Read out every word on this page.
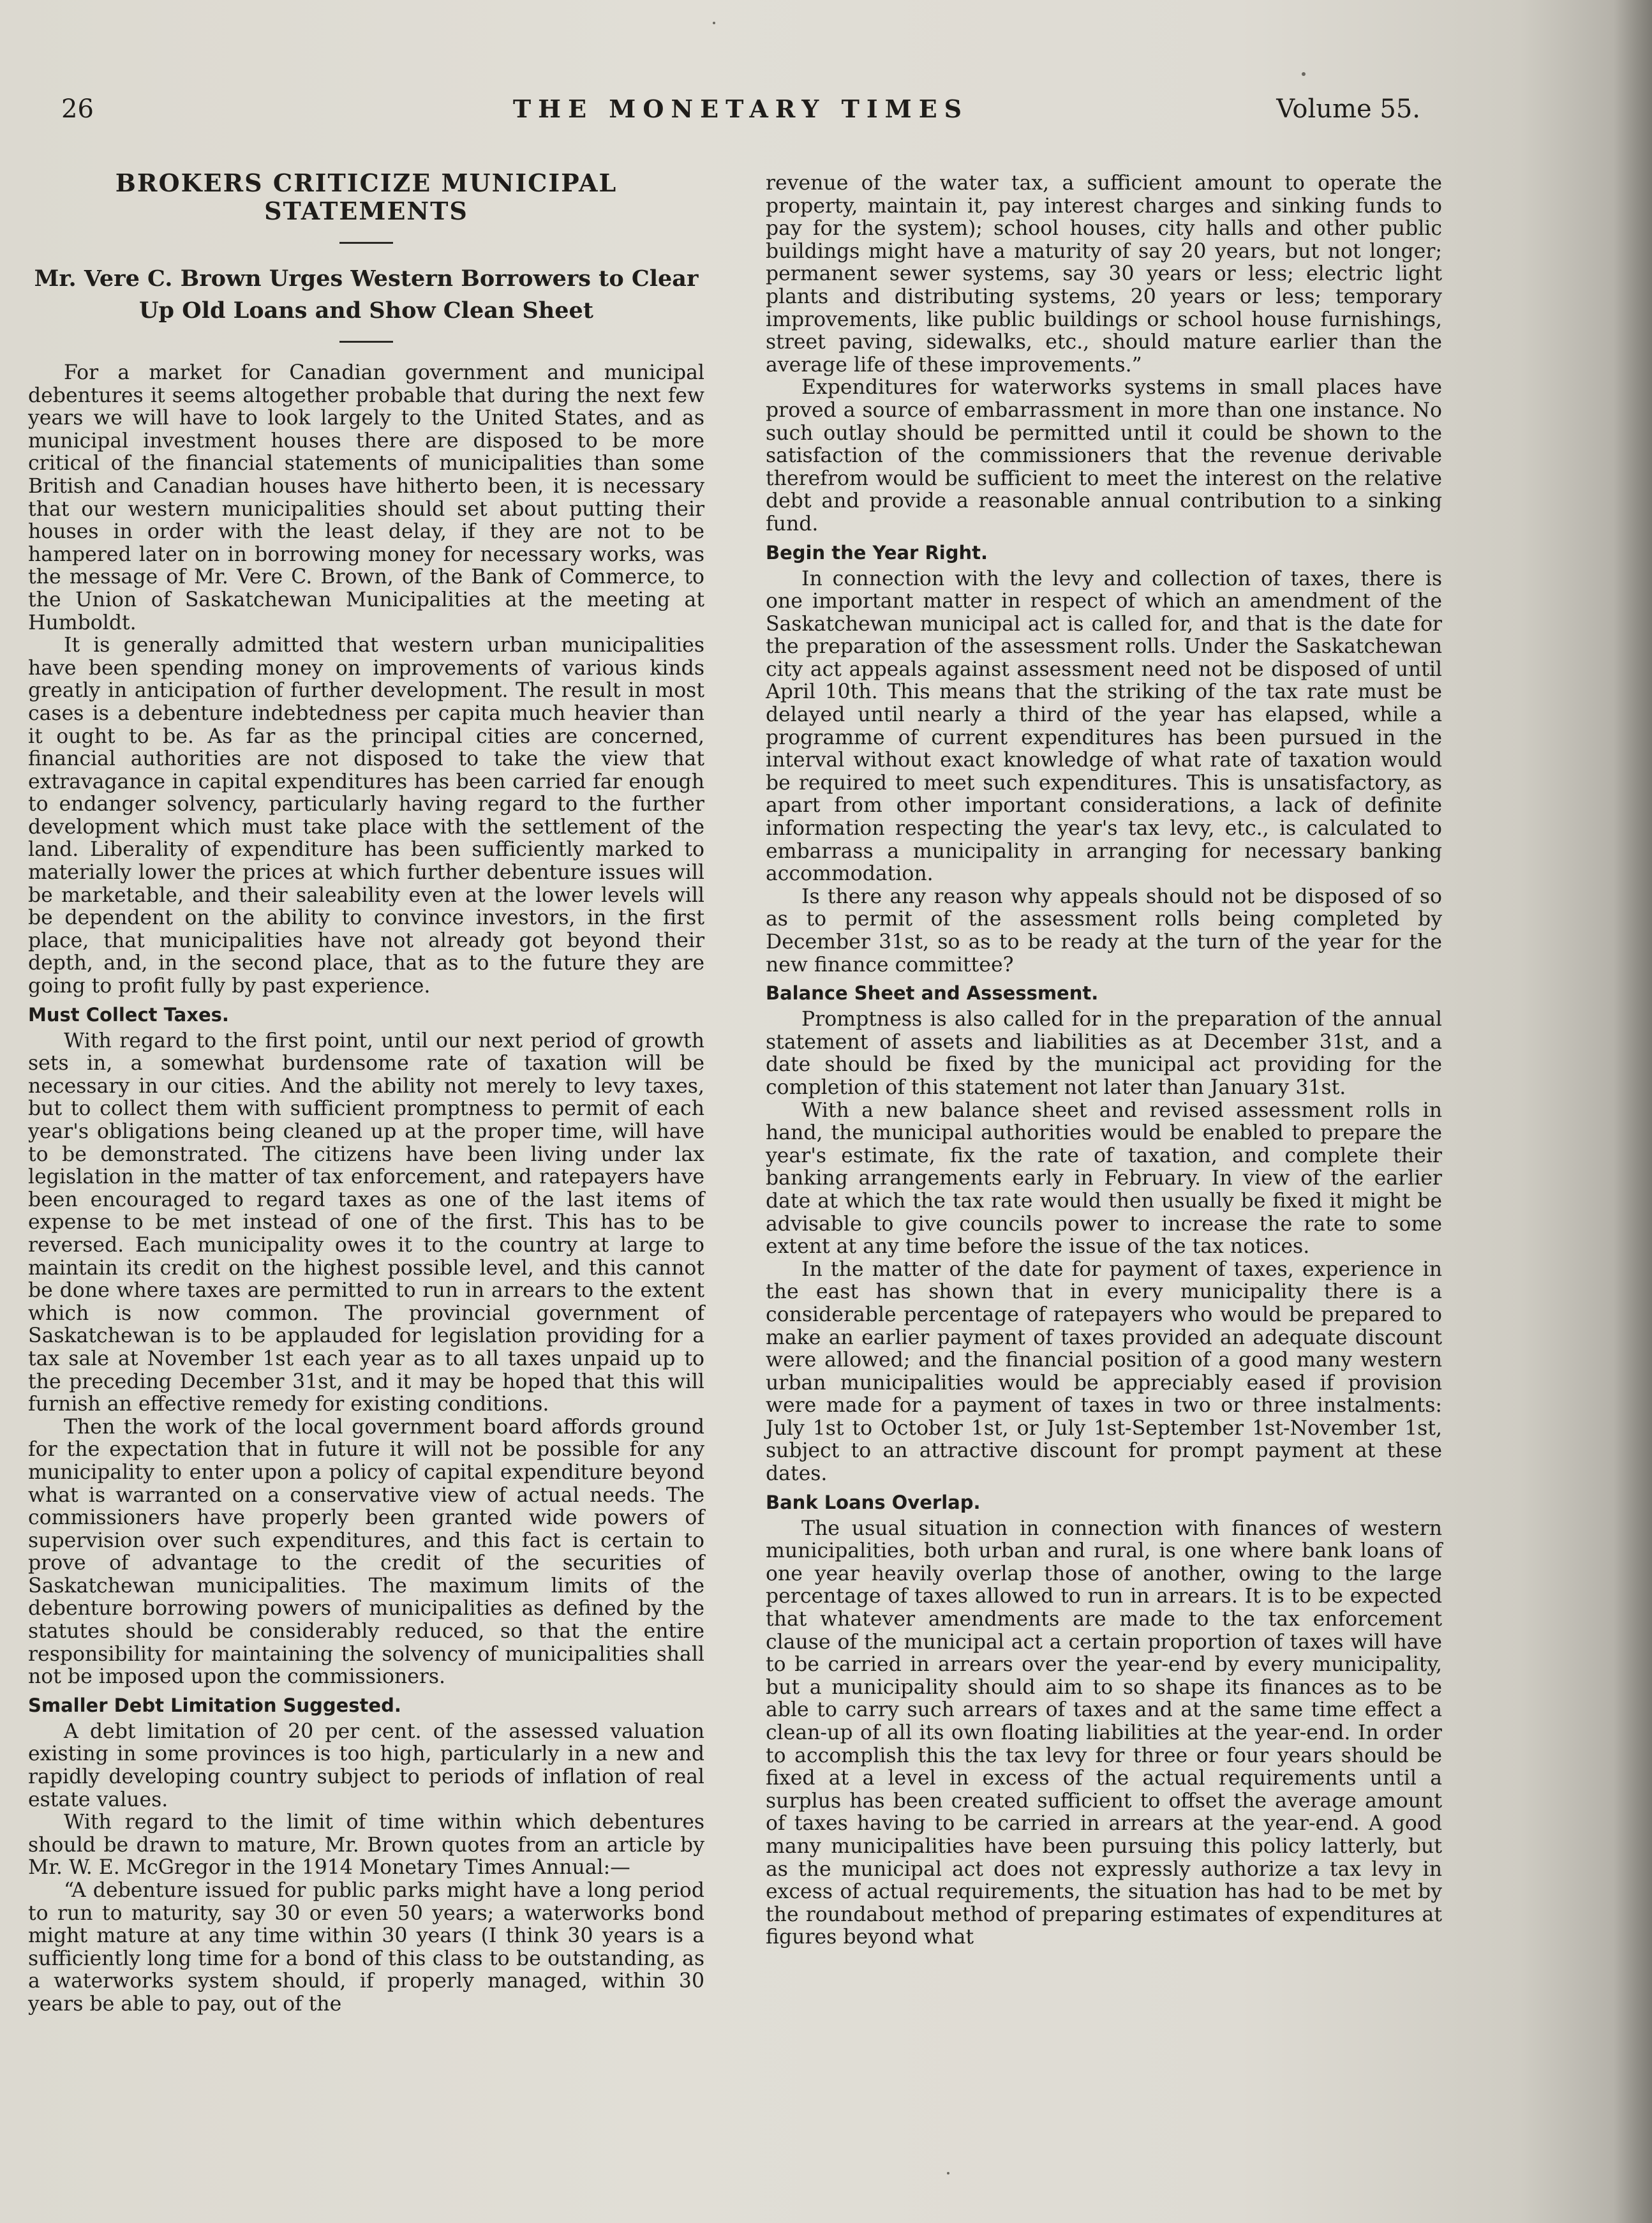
26	THE MONETARY TIMES	Volume 55.
BROKERS CRITICIZE MUNICIPAL STATEMENTS
Mr. Vere C. Brown Urges Western Borrowers to Clear Up Old Loans and Show Clean Sheet

For a market for Canadian government and municipal debentures it seems altogether probable that during the next few years we will have to look largely to the United States, and as municipal investment houses there are disposed to be more critical of the financial statements of municipalities than some British and Canadian houses have hitherto been, it is necessary that our western municipalities should set about putting their houses in order with the least delay, if they are not to be hampered later on in borrowing money for necessary works, was the message of Mr. Vere C. Brown, of the Bank of Commerce, to the Union of Saskatchewan Municipalities at the meeting at Humboldt.

It is generally admitted that western urban municipalities have been spending money on improvements of various kinds greatly in anticipation of further development. The result in most cases is a debenture indebtedness per capita much heavier than it ought to be. As far as the principal cities are concerned, financial authorities are not disposed to take the view that extravagance in capital expenditures has been carried far enough to endanger solvency, particularly having regard to the further development which must take place with the settlement of the land. Liberality of expenditure has been sufficiently marked to materially lower the prices at which further debenture issues will be marketable, and their saleability even at the lower levels will be dependent on the ability to convince investors, in the first place, that municipalities have not already got beyond their depth, and, in the second place, that as to the future they are going to profit fully by past experience.

Must Collect Taxes.

With regard to the first point, until our next period of growth sets in, a somewhat burdensome rate of taxation will be necessary in our cities. And the ability not merely to levy taxes, but to collect them with sufficient promptness to permit of each year's obligations being cleaned up at the proper time, will have to be demonstrated. The citizens have been living under lax legislation in the matter of tax enforcement, and ratepayers have been encouraged to regard taxes as one of the last items of expense to be met instead of one of the first. This has to be reversed. Each municipality owes it to the country at large to maintain its credit on the highest possible level, and this cannot be done where taxes are permitted to run in arrears to the extent which is now common. The provincial government of Saskatchewan is to be applauded for legislation providing for a tax sale at November 1st each year as to all taxes unpaid up to the preceding December 31st, and it may be hoped that this will furnish an effective remedy for existing conditions.

Then the work of the local government board affords ground for the expectation that in future it will not be possible for any municipality to enter upon a policy of capital expenditure beyond what is warranted on a conservative view of actual needs. The commissioners have properly been granted wide powers of supervision over such expenditures, and this fact is certain to prove of advantage to the credit of the securities of Saskatchewan municipalities. The maximum limits of the debenture borrowing powers of municipalities as defined by the statutes should be considerably reduced, so that the entire responsibility for maintaining the solvency of municipalities shall not be imposed upon the commissioners.

Smaller Debt Limitation Suggested.

A debt limitation of 20 per cent. of the assessed valuation existing in some provinces is too high, particularly in a new and rapidly developing country subject to periods of inflation of real estate values.

With regard to the limit of time within which debentures should be drawn to mature, Mr. Brown quotes from an article by Mr. W. E. McGregor in the 1914 Monetary Times Annual:—

“A debenture issued for public parks might have a long period to run to maturity, say 30 or even 50 years; a waterworks bond might mature at any time within 30 years (I think 30 years is a sufficiently long time for a bond of this class to be outstanding, as a waterworks system should, if properly managed, within 30 years be able to pay, out of the

revenue of the water tax, a sufficient amount to operate the property, maintain it, pay interest charges and sinking funds to pay for the system); school houses, city halls and other public buildings might have a maturity of say 20 years, but not longer; permanent sewer systems, say 30 years or less; electric light plants and distributing systems, 20 years or less; temporary improvements, like public buildings or school house furnishings, street paving, sidewalks, etc., should mature earlier than the average life of these improvements.”

Expenditures for waterworks systems in small places have proved a source of embarrassment in more than one instance. No such outlay should be permitted until it could be shown to the satisfaction of the commissioners that the revenue derivable therefrom would be sufficient to meet the interest on the relative debt and provide a reasonable annual contribution to a sinking fund.

Begin the Year Right.

In connection with the levy and collection of taxes, there is one important matter in respect of which an amendment of the Saskatchewan municipal act is called for, and that is the date for the preparation of the assessment rolls. Under the Saskatchewan city act appeals against assessment need not be disposed of until April 10th. This means that the striking of the tax rate must be delayed until nearly a third of the year has elapsed, while a programme of current expenditures has been pursued in the interval without exact knowledge of what rate of taxation would be required to meet such expenditures. This is unsatisfactory, as apart from other important considerations, a lack of definite information respecting the year's tax levy, etc., is calculated to embarrass a municipality in arranging for necessary banking accommodation.

Is there any reason why appeals should not be disposed of so as to permit of the assessment rolls being completed by December 31st, so as to be ready at the turn of the year for the new finance committee?

Balance Sheet and Assessment.

Promptness is also called for in the preparation of the annual statement of assets and liabilities as at December 31st, and a date should be fixed by the municipal act providing for the completion of this statement not later than January 31st.

With a new balance sheet and revised assessment rolls in hand, the municipal authorities would be enabled to prepare the year's estimate, fix the rate of taxation, and complete their banking arrangements early in February. In view of the earlier date at which the tax rate would then usually be fixed it might be advisable to give councils power to increase the rate to some extent at any time before the issue of the tax notices.

In the matter of the date for payment of taxes, experience in the east has shown that in every municipality there is a considerable percentage of ratepayers who would be prepared to make an earlier payment of taxes provided an adequate discount were allowed; and the financial position of a good many western urban municipalities would be appreciably eased if provision were made for a payment of taxes in two or three instalments: July 1st to October 1st, or July 1st-September 1st-November 1st, subject to an attractive discount for prompt payment at these dates.

Bank Loans Overlap.

The usual situation in connection with finances of western municipalities, both urban and rural, is one where bank loans of one year heavily overlap those of another, owing to the large percentage of taxes allowed to run in arrears. It is to be expected that whatever amendments are made to the tax enforcement clause of the municipal act a certain proportion of taxes will have to be carried in arrears over the year-end by every municipality, but a municipality should aim to so shape its finances as to be able to carry such arrears of taxes and at the same time effect a clean-up of all its own floating liabilities at the year-end. In order to accomplish this the tax levy for three or four years should be fixed at a level in excess of the actual requirements until a surplus has been created sufficient to offset the average amount of taxes having to be carried in arrears at the year-end. A good many municipalities have been pursuing this policy latterly, but as the municipal act does not expressly authorize a tax levy in excess of actual requirements, the situation has had to be met by the roundabout method of preparing estimates of expenditures at figures beyond what
